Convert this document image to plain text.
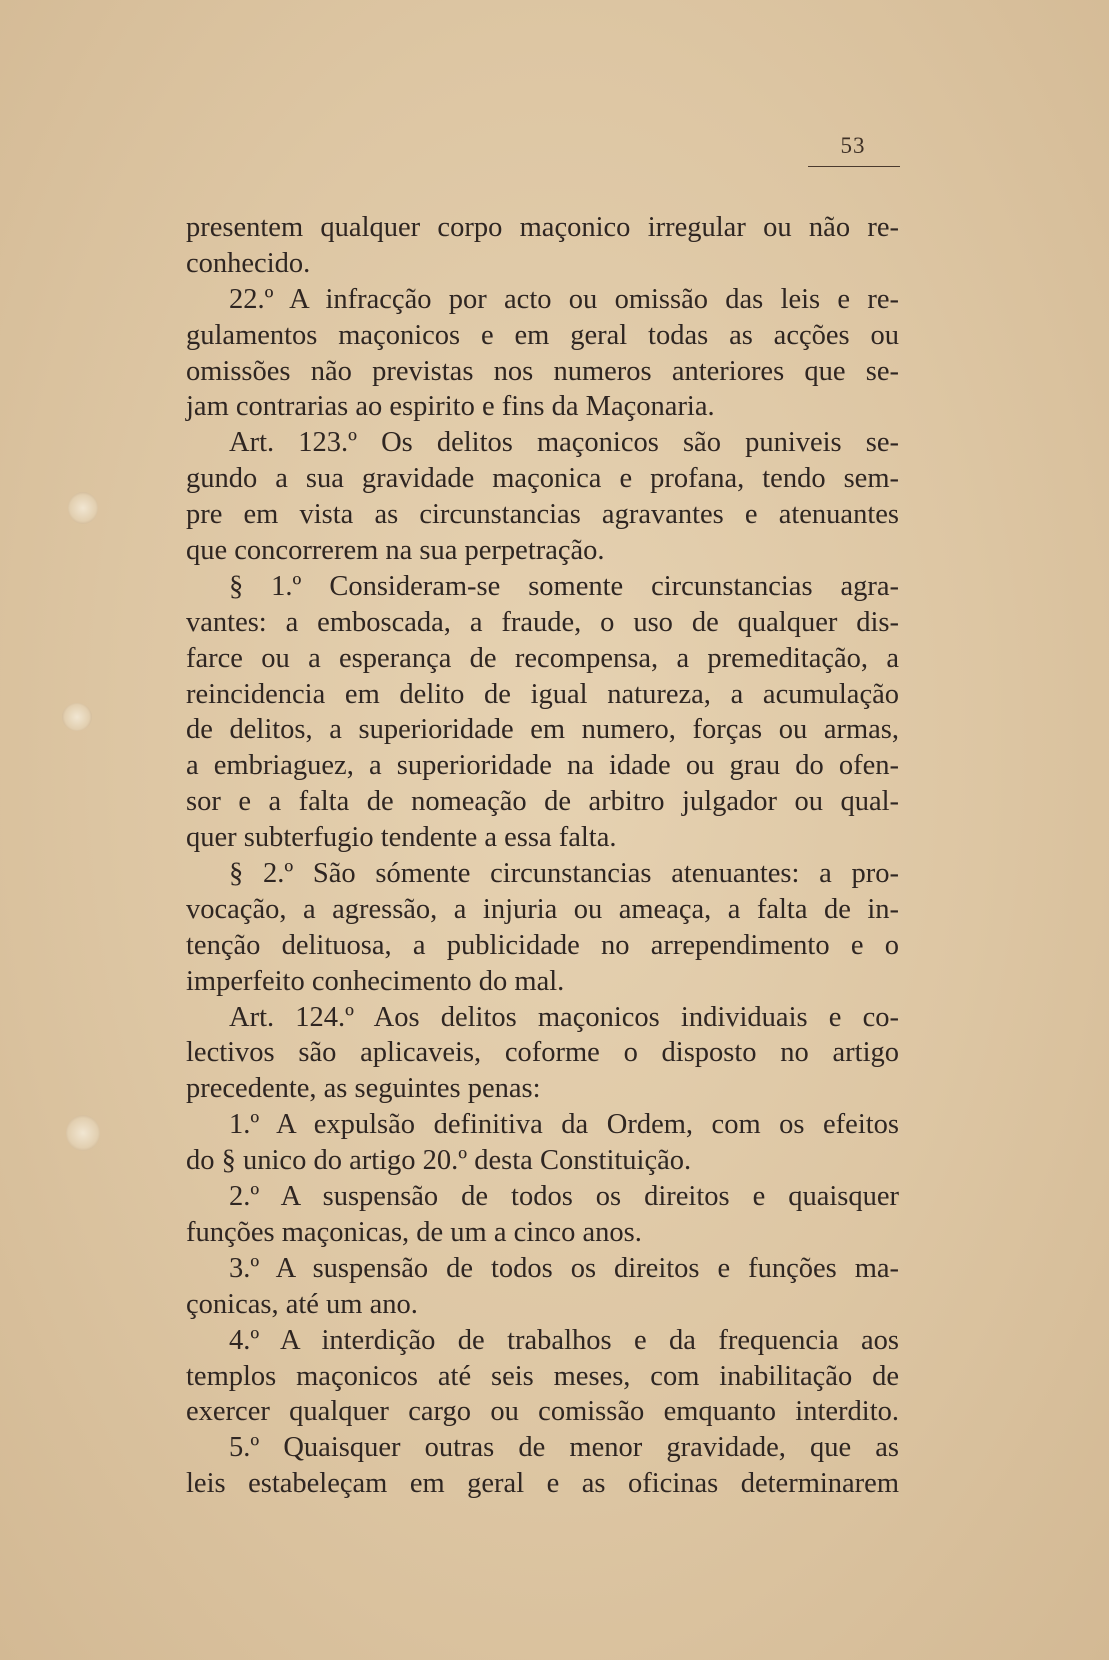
53
presentem qualquer corpo maçonico irregular ou não re-
conhecido.
22.º A infracção por acto ou omissão das leis e re-
gulamentos maçonicos e em geral todas as acções ou
omissões não previstas nos numeros anteriores que se-
jam contrarias ao espirito e fins da Maçonaria.
Art. 123.º Os delitos maçonicos são puniveis se-
gundo a sua gravidade maçonica e profana, tendo sem-
pre em vista as circunstancias agravantes e atenuantes
que concorrerem na sua perpetração.
§ 1.º Consideram-se somente circunstancias agra-
vantes: a emboscada, a fraude, o uso de qualquer dis-
farce ou a esperança de recompensa, a premeditação, a
reincidencia em delito de igual natureza, a acumulação
de delitos, a superioridade em numero, forças ou armas,
a embriaguez, a superioridade na idade ou grau do ofen-
sor e a falta de nomeação de arbitro julgador ou qual-
quer subterfugio tendente a essa falta.
§ 2.º São sómente circunstancias atenuantes: a pro-
vocação, a agressão, a injuria ou ameaça, a falta de in-
tenção delituosa, a publicidade no arrependimento e o
imperfeito conhecimento do mal.
Art. 124.º Aos delitos maçonicos individuais e co-
lectivos são aplicaveis, coforme o disposto no artigo
precedente, as seguintes penas:
1.º A expulsão definitiva da Ordem, com os efeitos
do § unico do artigo 20.º desta Constituição.
2.º A suspensão de todos os direitos e quaisquer
funções maçonicas, de um a cinco anos.
3.º A suspensão de todos os direitos e funções ma-
çonicas, até um ano.
4.º A interdição de trabalhos e da frequencia aos
templos maçonicos até seis meses, com inabilitação de
exercer qualquer cargo ou comissão emquanto interdito.
5.º Quaisquer outras de menor gravidade, que as
leis estabeleçam em geral e as oficinas determinarem
